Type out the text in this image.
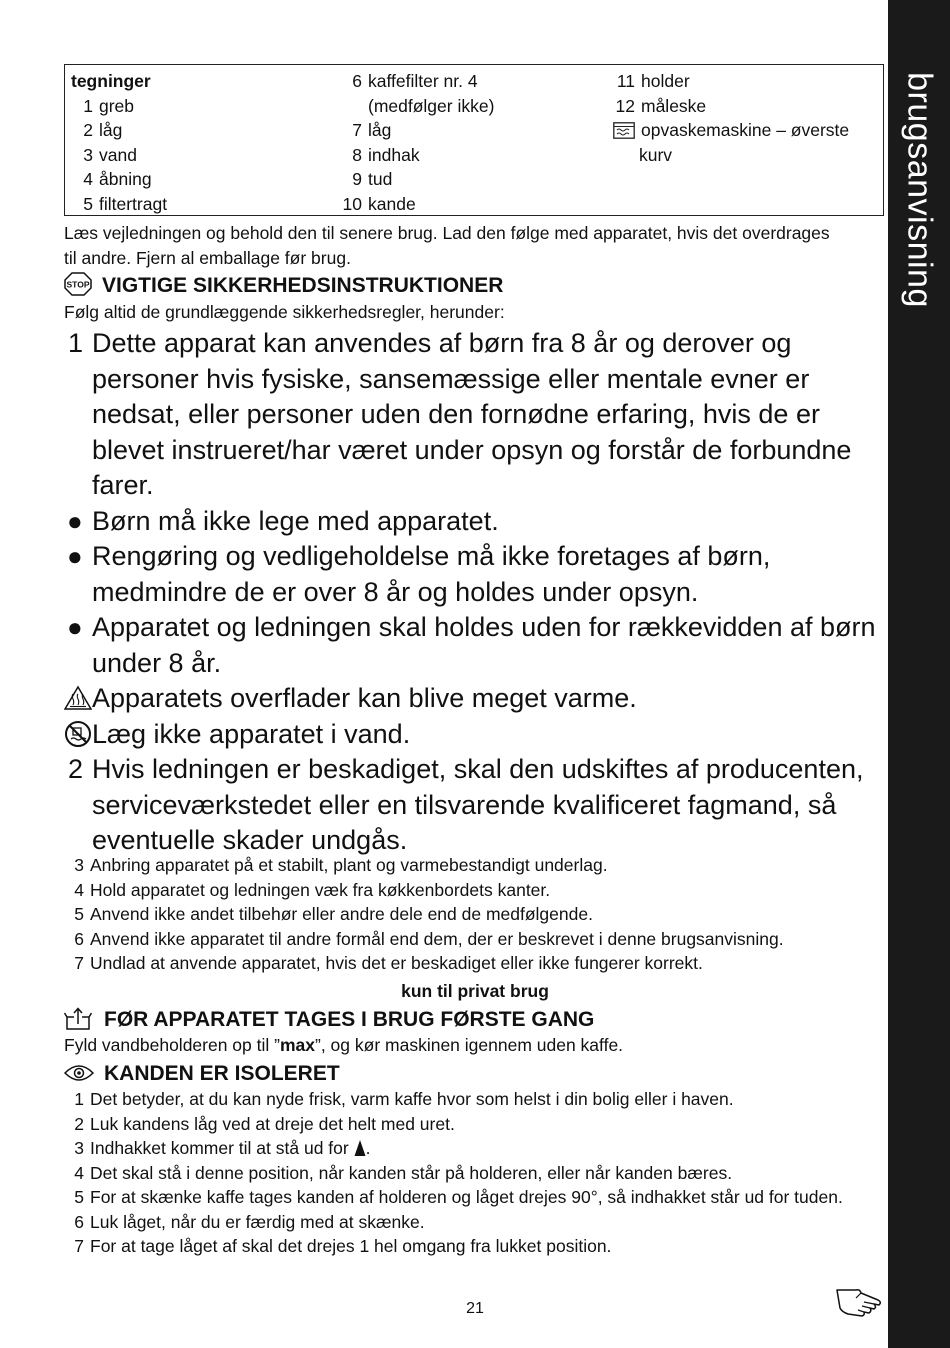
brugsanvisning
tegninger
1 greb
2 låg
3 vand
4 åbning
5 filtertragt
6 kaffefilter nr. 4
(medfølger ikke)
7 låg
8 indhak
9 tud
10 kande
11 holder
12 måleske
opvaskemaskine – øverste
kurv
Læs vejledningen og behold den til senere brug. Lad den følge med apparatet, hvis det overdrages til andre. Fjern al emballage før brug.
STOP VIGTIGE SIKKERHEDSINSTRUKTIONER
Følg altid de grundlæggende sikkerhedsregler, herunder:
1 Dette apparat kan anvendes af børn fra 8 år og derover og personer hvis fysiske, sansemæssige eller mentale evner er nedsat, eller personer uden den fornødne erfaring, hvis de er blevet instrueret/har været under opsyn og forstår de forbundne farer.
● Børn må ikke lege med apparatet.
● Rengøring og vedligeholdelse må ikke foretages af børn, medmindre de er over 8 år og holdes under opsyn.
● Apparatet og ledningen skal holdes uden for rækkevidden af børn under 8 år.
Apparatets overflader kan blive meget varme.
Læg ikke apparatet i vand.
2 Hvis ledningen er beskadiget, skal den udskiftes af producenten, serviceværkstedet eller en tilsvarende kvalificeret fagmand, så eventuelle skader undgås.
3 Anbring apparatet på et stabilt, plant og varmebestandigt underlag.
4 Hold apparatet og ledningen væk fra køkkenbordets kanter.
5 Anvend ikke andet tilbehør eller andre dele end de medfølgende.
6 Anvend ikke apparatet til andre formål end dem, der er beskrevet i denne brugsanvisning.
7 Undlad at anvende apparatet, hvis det er beskadiget eller ikke fungerer korrekt.
kun til privat brug
FØR APPARATET TAGES I BRUG FØRSTE GANG
Fyld vandbeholderen op til ”max”, og kør maskinen igennem uden kaffe.
KANDEN ER ISOLERET
1 Det betyder, at du kan nyde frisk, varm kaffe hvor som helst i din bolig eller i haven.
2 Luk kandens låg ved at dreje det helt med uret.
3 Indhakket kommer til at stå ud for .
4 Det skal stå i denne position, når kanden står på holderen, eller når kanden bæres.
5 For at skænke kaffe tages kanden af holderen og låget drejes 90°, så indhakket står ud for tuden.
6 Luk låget, når du er færdig med at skænke.
7 For at tage låget af skal det drejes 1 hel omgang fra lukket position.
21
